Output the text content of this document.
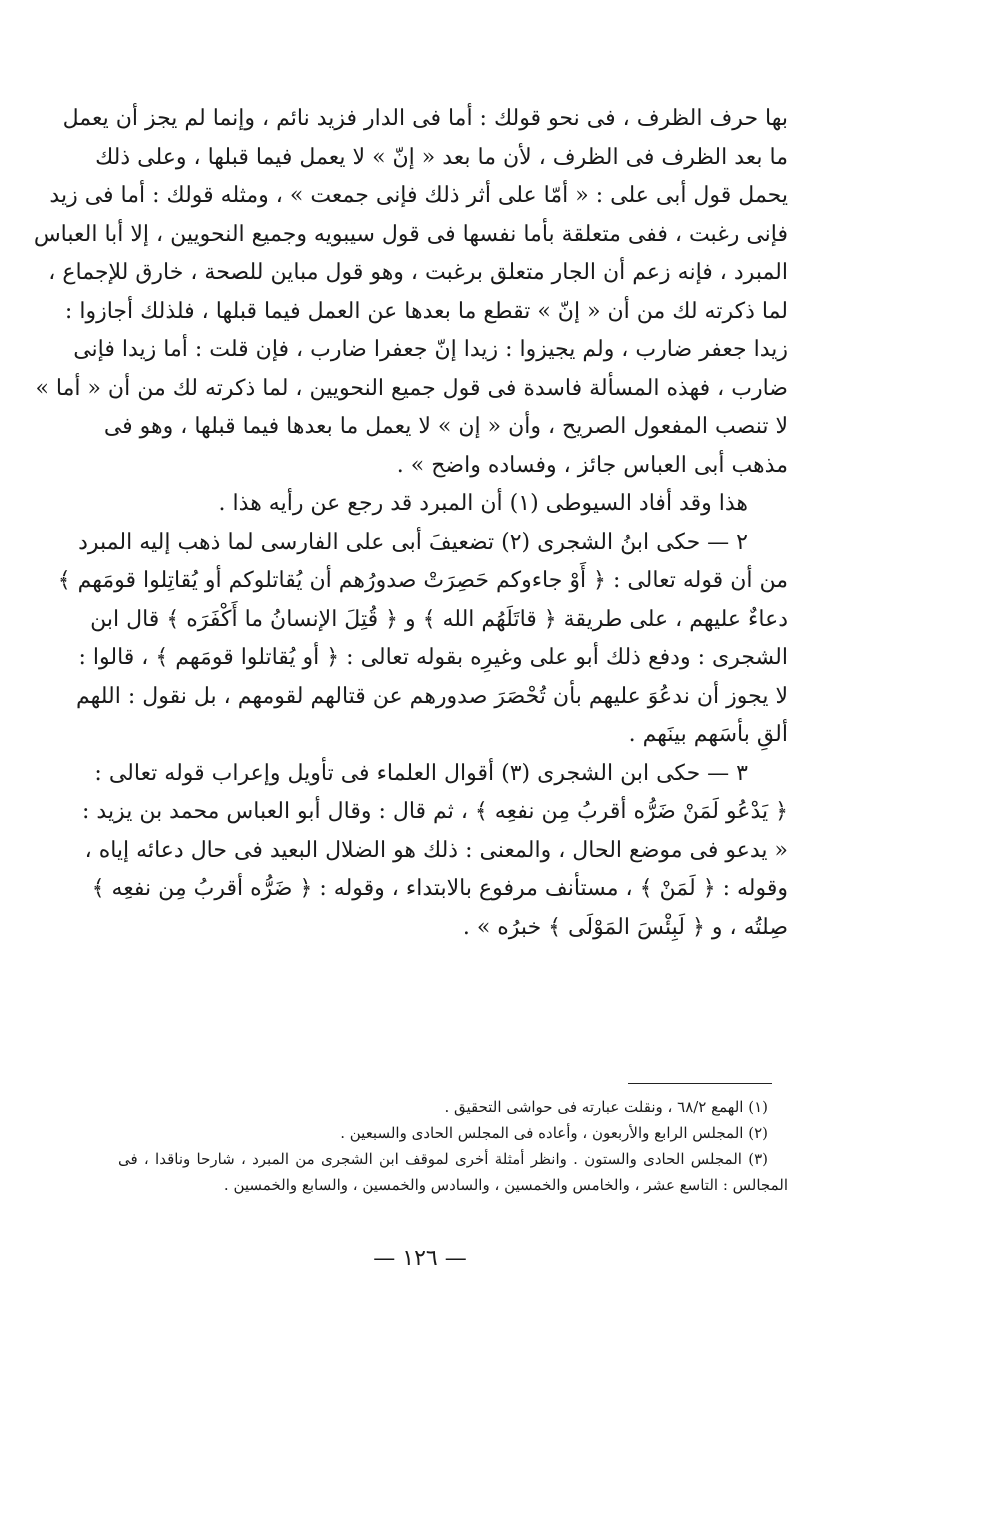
بها حرف الظرف ، فى نحو قولك : أما فى الدار فزيد نائم ، وإنما لم يجز أن يعمل
ما بعد الظرف فى الظرف ، لأن ما بعد « إنّ » لا يعمل فيما قبلها ، وعلى ذلك
يحمل قول أبى على : « أمّا على أثر ذلك فإنى جمعت » ، ومثله قولك : أما فى زيد
فإنى رغبت ، ففى متعلقة بأما نفسها فى قول سيبويه وجميع النحويين ، إلا أبا العباس
المبرد ، فإنه زعم أن الجار متعلق برغبت ، وهو قول مباين للصحة ، خارق للإجماع ،
لما ذكرته لك من أن « إنّ » تقطع ما بعدها عن العمل فيما قبلها ، فلذلك أجازوا :
زيدا جعفر ضارب ، ولم يجيزوا : زيدا إنّ جعفرا ضارب ، فإن قلت : أما زيدا فإنى
ضارب ، فهذه المسألة فاسدة فى قول جميع النحويين ، لما ذكرته لك من أن « أما »
لا تنصب المفعول الصريح ، وأن « إن » لا يعمل ما بعدها فيما قبلها ، وهو فى
مذهب أبى العباس جائز ، وفساده واضح » .
هذا وقد أفاد السيوطى (١) أن المبرد قد رجع عن رأيه هذا .
٢ — حكى ابنُ الشجرى (٢) تضعيفَ أبى على الفارسى لما ذهب إليه المبرد
من أن قوله تعالى : ﴿ أَوْ جاءوكم حَصِرَتْ صدورُهم أن يُقاتلوكم أو يُقاتِلوا قومَهم ﴾
دعاءٌ عليهم ، على طريقة ﴿ قاتَلَهُم الله ﴾ و ﴿ قُتِلَ الإنسانُ ما أَكْفَرَه ﴾ قال ابن
الشجرى : ودفع ذلك أبو على وغيرِه بقوله تعالى : ﴿ أو يُقاتلوا قومَهم ﴾ ، قالوا :
لا يجوز أن ندعُوَ عليهم بأن تُحْصَرَ صدورهم عن قتالهم لقومهم ، بل نقول : اللهم
ألقِ بأسَهم بينَهم .
٣ — حكى ابن الشجرى (٣) أقوال العلماء فى تأويل وإعراب قوله تعالى :
﴿ يَدْعُو لَمَنْ ضَرُّه أقربُ مِن نفعِه ﴾ ، ثم قال : وقال أبو العباس محمد بن يزيد :
« يدعو فى موضع الحال ، والمعنى : ذلك هو الضلال البعيد فى حال دعائه إياه ،
وقوله : ﴿ لَمَنْ ﴾ ، مستأنف مرفوع بالابتداء ، وقوله : ﴿ ضَرُّه أقربُ مِن نفعِه ﴾
صِلتُه ، و ﴿ لَبِئْسَ المَوْلَى ﴾ خبرُه » .
(١) الهمع ٦٨/٢ ، ونقلت عبارته فى حواشى التحقيق .
(٢) المجلس الرابع والأربعون ، وأعاده فى المجلس الحادى والسبعين .
(٣) المجلس الحادى والستون . وانظر أمثلة أخرى لموقف ابن الشجرى من المبرد ، شارحا وناقدا ، فى
المجالس : التاسع عشر ، والخامس والخمسين ، والسادس والخمسين ، والسابع والخمسين .
— ١٢٦ —
